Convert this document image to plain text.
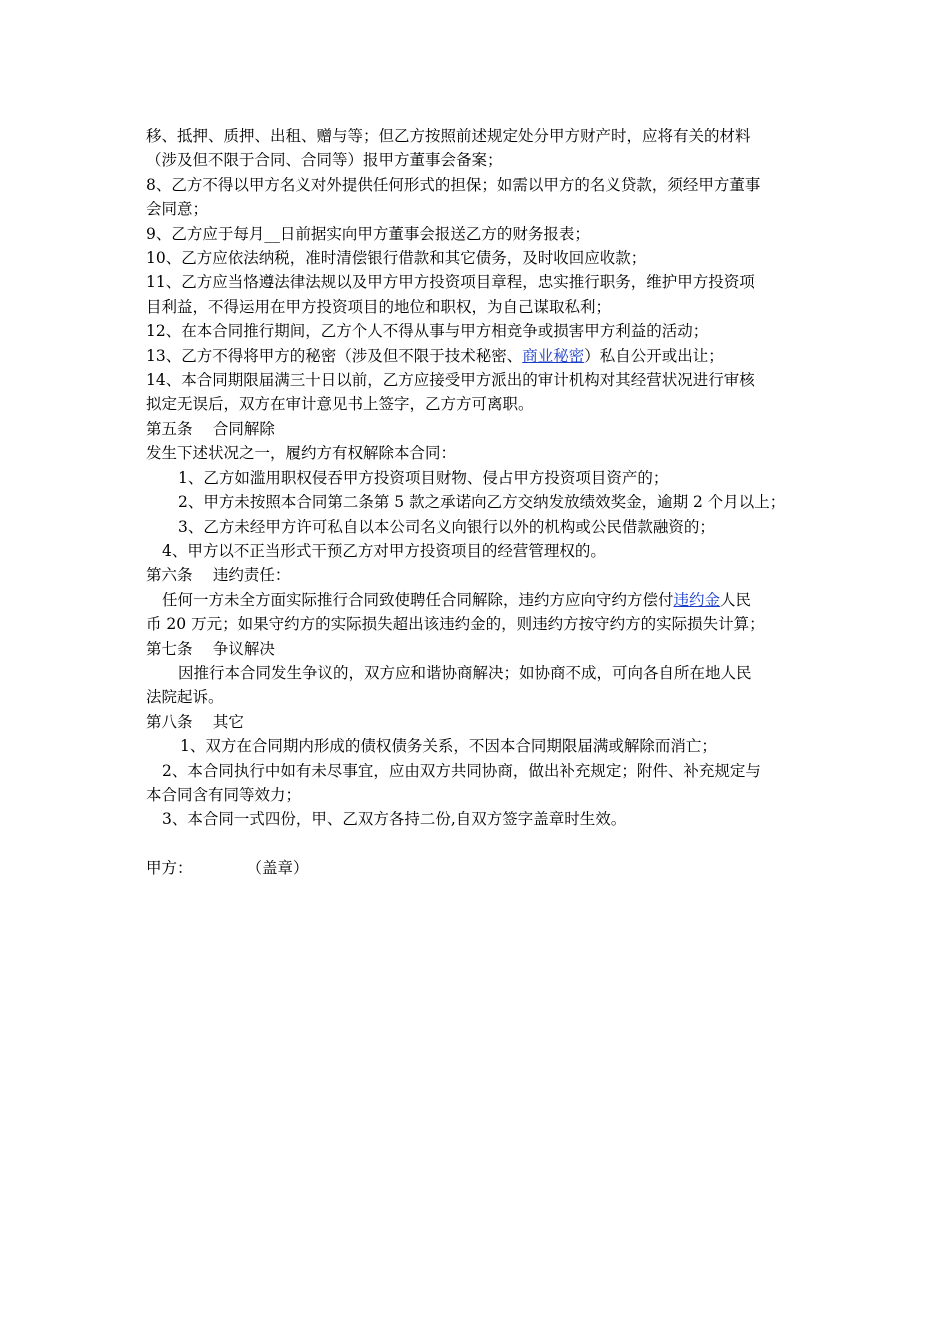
移、抵押、质押、出租、赠与等；但乙方按照前述规定处分甲方财产时，应将有关的材料
（涉及但不限于合同、合同等）报甲方董事会备案；
8、乙方不得以甲方名义对外提供任何形式的担保；如需以甲方的名义贷款，须经甲方董事
会同意；
9、乙方应于每月__日前据实向甲方董事会报送乙方的财务报表；
10、乙方应依法纳税，准时清偿银行借款和其它债务，及时收回应收款；
11、乙方应当恪遵法律法规以及甲方甲方投资项目章程，忠实推行职务，维护甲方投资项
目利益，不得运用在甲方投资项目的地位和职权，为自己谋取私利；
12、在本合同推行期间，乙方个人不得从事与甲方相竞争或损害甲方利益的活动；
13、乙方不得将甲方的秘密（涉及但不限于技术秘密、商业秘密）私自公开或出让；
14、本合同期限届满三十日以前，乙方应接受甲方派出的审计机构对其经营状况进行审核
拟定无误后，双方在审计意见书上签字，乙方方可离职。
第五条　 合同解除
发生下述状况之一，履约方有权解除本合同：
1、乙方如滥用职权侵吞甲方投资项目财物、侵占甲方投资项目资产的；
2、甲方未按照本合同第二条第 5 款之承诺向乙方交纳发放绩效奖金，逾期 2 个月以上；
3、乙方未经甲方许可私自以本公司名义向银行以外的机构或公民借款融资的；
4、甲方以不正当形式干预乙方对甲方投资项目的经营管理权的。
第六条　 违约责任：
任何一方未全方面实际推行合同致使聘任合同解除，违约方应向守约方偿付违约金人民
币 20 万元；如果守约方的实际损失超出该违约金的，则违约方按守约方的实际损失计算；
第七条　 争议解决
因推行本合同发生争议的，双方应和谐协商解决；如协商不成，可向各自所在地人民
法院起诉。
第八条　 其它
1、双方在合同期内形成的债权债务关系，不因本合同期限届满或解除而消亡；
2、本合同执行中如有未尽事宜，应由双方共同协商，做出补充规定；附件、补充规定与
本合同含有同等效力；
3、本合同一式四份，甲、乙双方各持二份,自双方签字盖章时生效。
甲方：	（盖章）
